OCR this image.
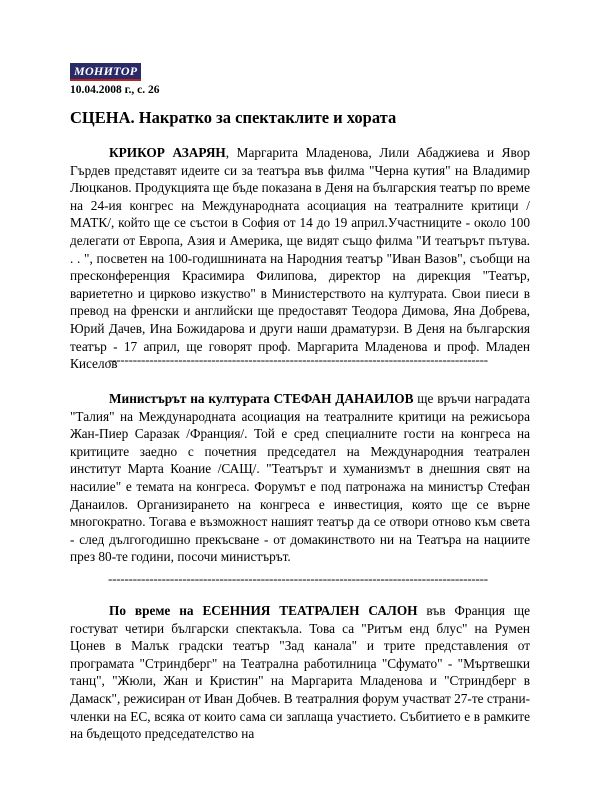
МОНИТОР
10.04.2008 г., с. 26
СЦЕНА. Накратко за спектаклите и хората

КРИКОР АЗАРЯН, Маргарита Младенова, Лили Абаджиева и Явор Гърдев представят идеите си за театъра във филма "Черна кутия" на Владимир Люцканов. Продукцията ще бъде показана в Деня на българския театър по време на 24-ия конгрес на Международната асоциация на театралните критици /МАТК/, който ще се състои в София от 14 до 19 април.Участниците - около 100 делегати от Европа, Азия и Америка, ще видят също филма "И театърът пътува. . . ", посветен на 100-годишнината на Народния театър "Иван Вазов", съобщи на пресконференция Красимира Филипова, директор на дирекция "Театър, вариететно и цирково изкуство" в Министерството на културата. Свои пиеси в превод на френски и английски ще предоставят Теодора Димова, Яна Добрева, Юрий Дачев, Ина Божидарова и други наши драматурзи. В Деня на българския театър - 17 април, ще говорят проф. Маргарита Младенова и проф. Младен Киселов

--------------------------------------------------------------------------------------------

Министърът на културата СТЕФАН ДАНАИЛОВ ще връчи наградата "Талия" на Международната асоциация на театралните критици на режисьора Жан-Пиер Саразак /Франция/. Той е сред специалните гости на конгреса на критиците заедно с почетния председател на Международния театрален институт Марта Коание /САЩ/. "Театърът и хуманизмът в днешния свят на насилие" е темата на конгреса. Форумът е под патронажа на министър Стефан Данаилов. Организирането на конгреса е инвестиция, която ще се върне многократно. Тогава е възможност нашият театър да се отвори отново към света - след дългогодишно прекъсване - от домакинството ни на Театъра на нациите през 80-те години, посочи министърът.

--------------------------------------------------------------------------------------------

По време на ЕСЕННИЯ ТЕАТРАЛЕН САЛОН във Франция ще гостуват четири български спектакъла. Това са "Ритъм енд блус" на Румен Цонев в Малък градски театър "Зад канала" и трите представления от програмата "Стриндберг" на Театрална работилница "Сфумато" - "Мъртвешки танц", "Жюли, Жан и Кристин" на Маргарита Младенова и "Стриндберг в Дамаск", режисиран от Иван Добчев. В театралния форум участват 27-те страни-членки на ЕС, всяка от които сама си заплаща участието. Събитието е в рамките на бъдещото председателство на
